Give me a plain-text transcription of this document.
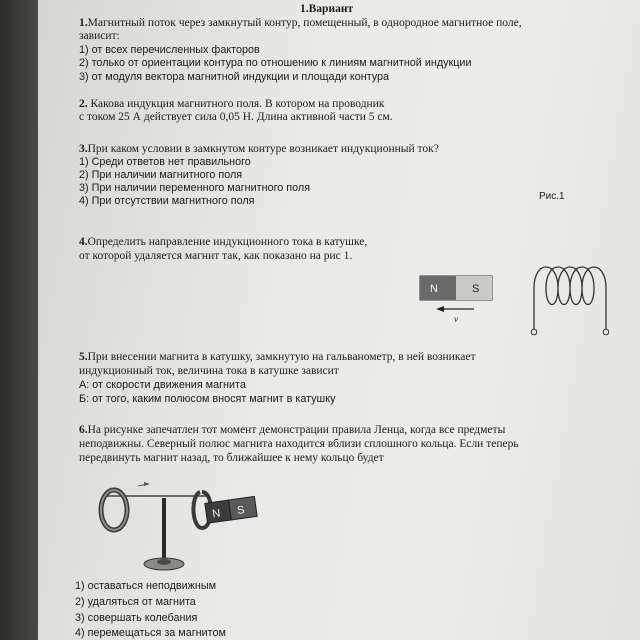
1.Вариант
1.Магнитный поток через замкнутый контур, помещенный, в однородное магнитное поле,
зависит:
1) от всех перечисленных факторов
2) только от ориентации контура по отношению к линиям магнитной индукции
3) от модуля вектора магнитной индукции и площади контура
2. Какова индукция магнитного поля. В котором на проводник
с током 25 А действует сила 0,05 Н. Длина активной части 5 см.
3.При каком условии в замкнутом контуре возникает индукционный ток?
1) Среди ответов нет правильного
2) При наличии магнитного поля
3) При наличии переменного магнитного поля
4) При отсутствии магнитного поля	Рис.1
4.Определить направление индукционного тока в катушке,
от которой удаляется магнит так, как показано на рис 1.
N	S
v
5.При внесении магнита в катушку, замкнутую на гальванометр, в ней возникает
индукционный ток, величина тока в катушке зависит
А: от скорости движения магнита
Б: от того, каким полюсом вносят магнит в катушку
6.На рисунке запечатлен тот момент демонстрации правила Ленца, когда все предметы
неподвижны. Северный полюс магнита находится вблизи сплошного кольца. Если теперь
передвинуть магнит назад, то ближайшее к нему кольцо будет
N S
1) оставаться неподвижным
2) удаляться от магнита
3) совершать колебания
4) перемещаться за магнитом
